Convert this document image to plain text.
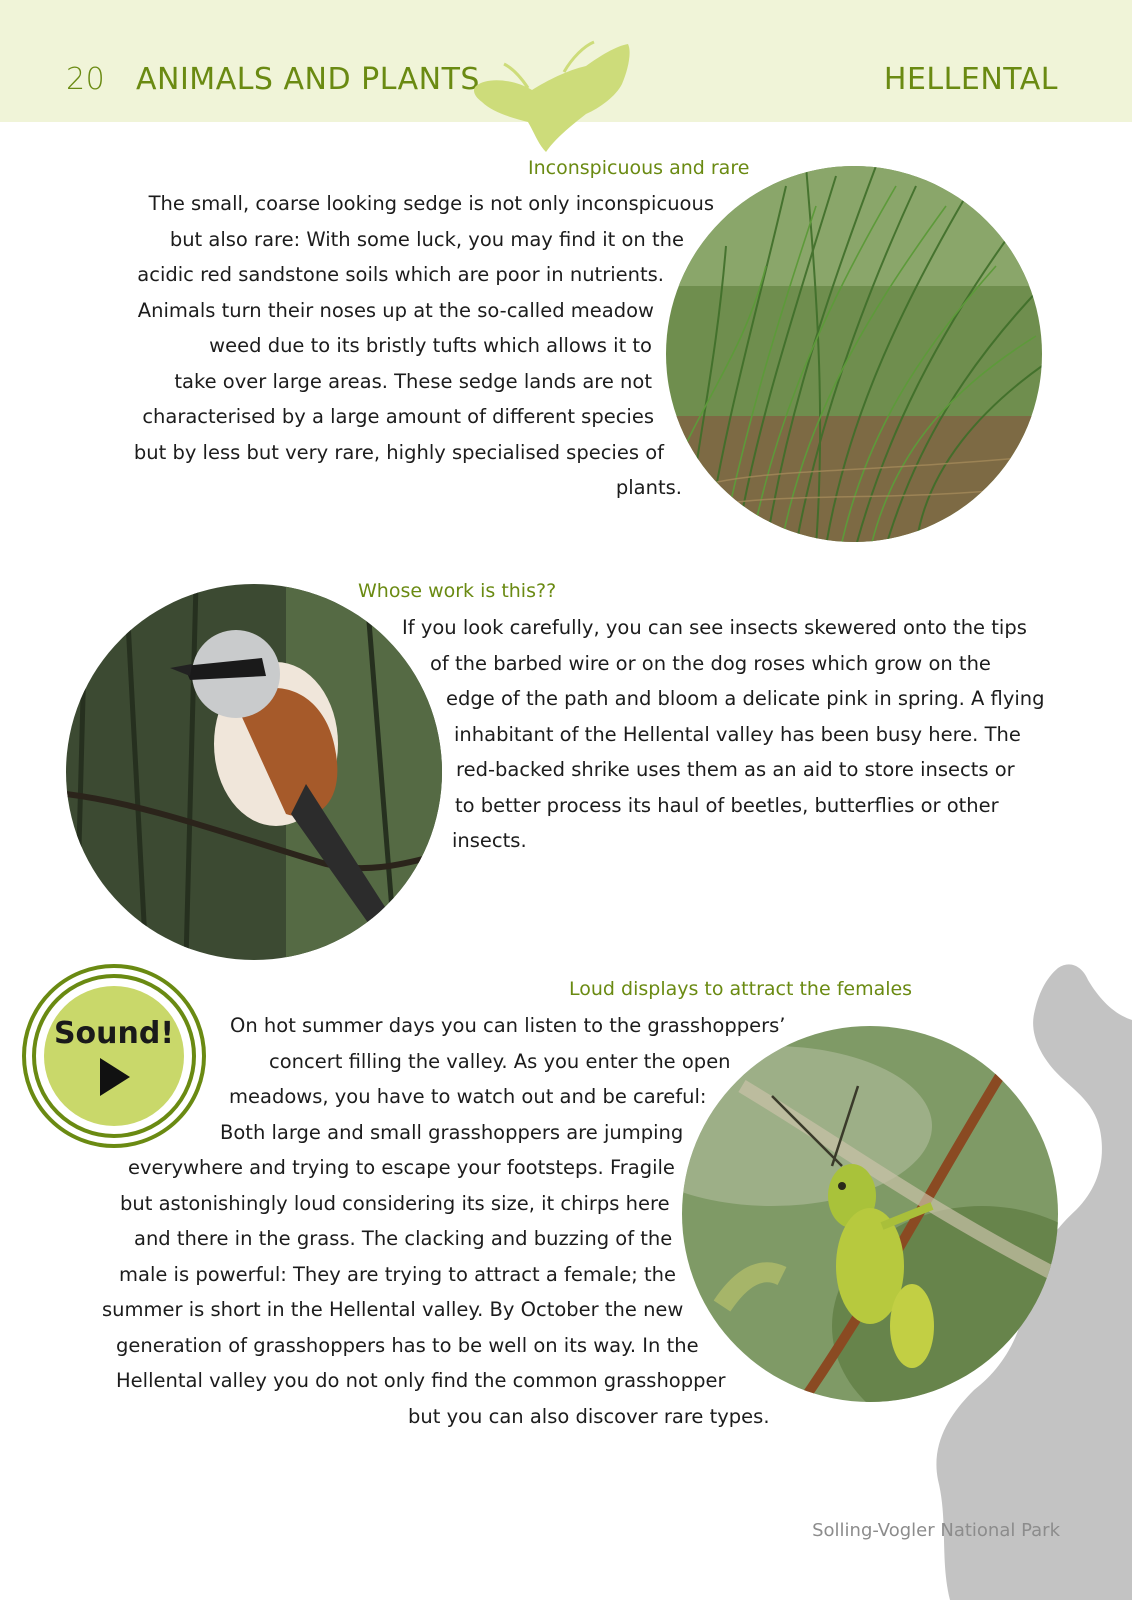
20 ANIMALS AND PLANTS	HELLENTAL
Inconspicuous and rare
The small, coarse looking sedge is not only inconspicuous
but also rare: With some luck, you may find it on the
acidic red sandstone soils which are poor in nutrients.
Animals turn their noses up at the so-called meadow
weed due to its bristly tufts which allows it to
take over large areas. These sedge lands are not
characterised by a large amount of different species
but by less but very rare, highly specialised species of
plants.
Whose work is this??
If you look carefully, you can see insects skewered onto the tips
of the barbed wire or on the dog roses which grow on the
edge of the path and bloom a delicate pink in spring. A flying
inhabitant of the Hellental valley has been busy here. The
red-backed shrike uses them as an aid to store insects or
to better process its haul of beetles, butterflies or other
insects.
Sound!
Loud displays to attract the females
On hot summer days you can listen to the grasshoppers’
concert filling the valley. As you enter the open
meadows, you have to watch out and be careful:
Both large and small grasshoppers are jumping
everywhere and trying to escape your footsteps. Fragile
but astonishingly loud considering its size, it chirps here
and there in the grass. The clacking and buzzing of the
male is powerful: They are trying to attract a female; the
summer is short in the Hellental valley. By October the new
generation of grasshoppers has to be well on its way. In the
Hellental valley you do not only find the common grasshopper
but you can also discover rare types.
Solling-Vogler National Park
